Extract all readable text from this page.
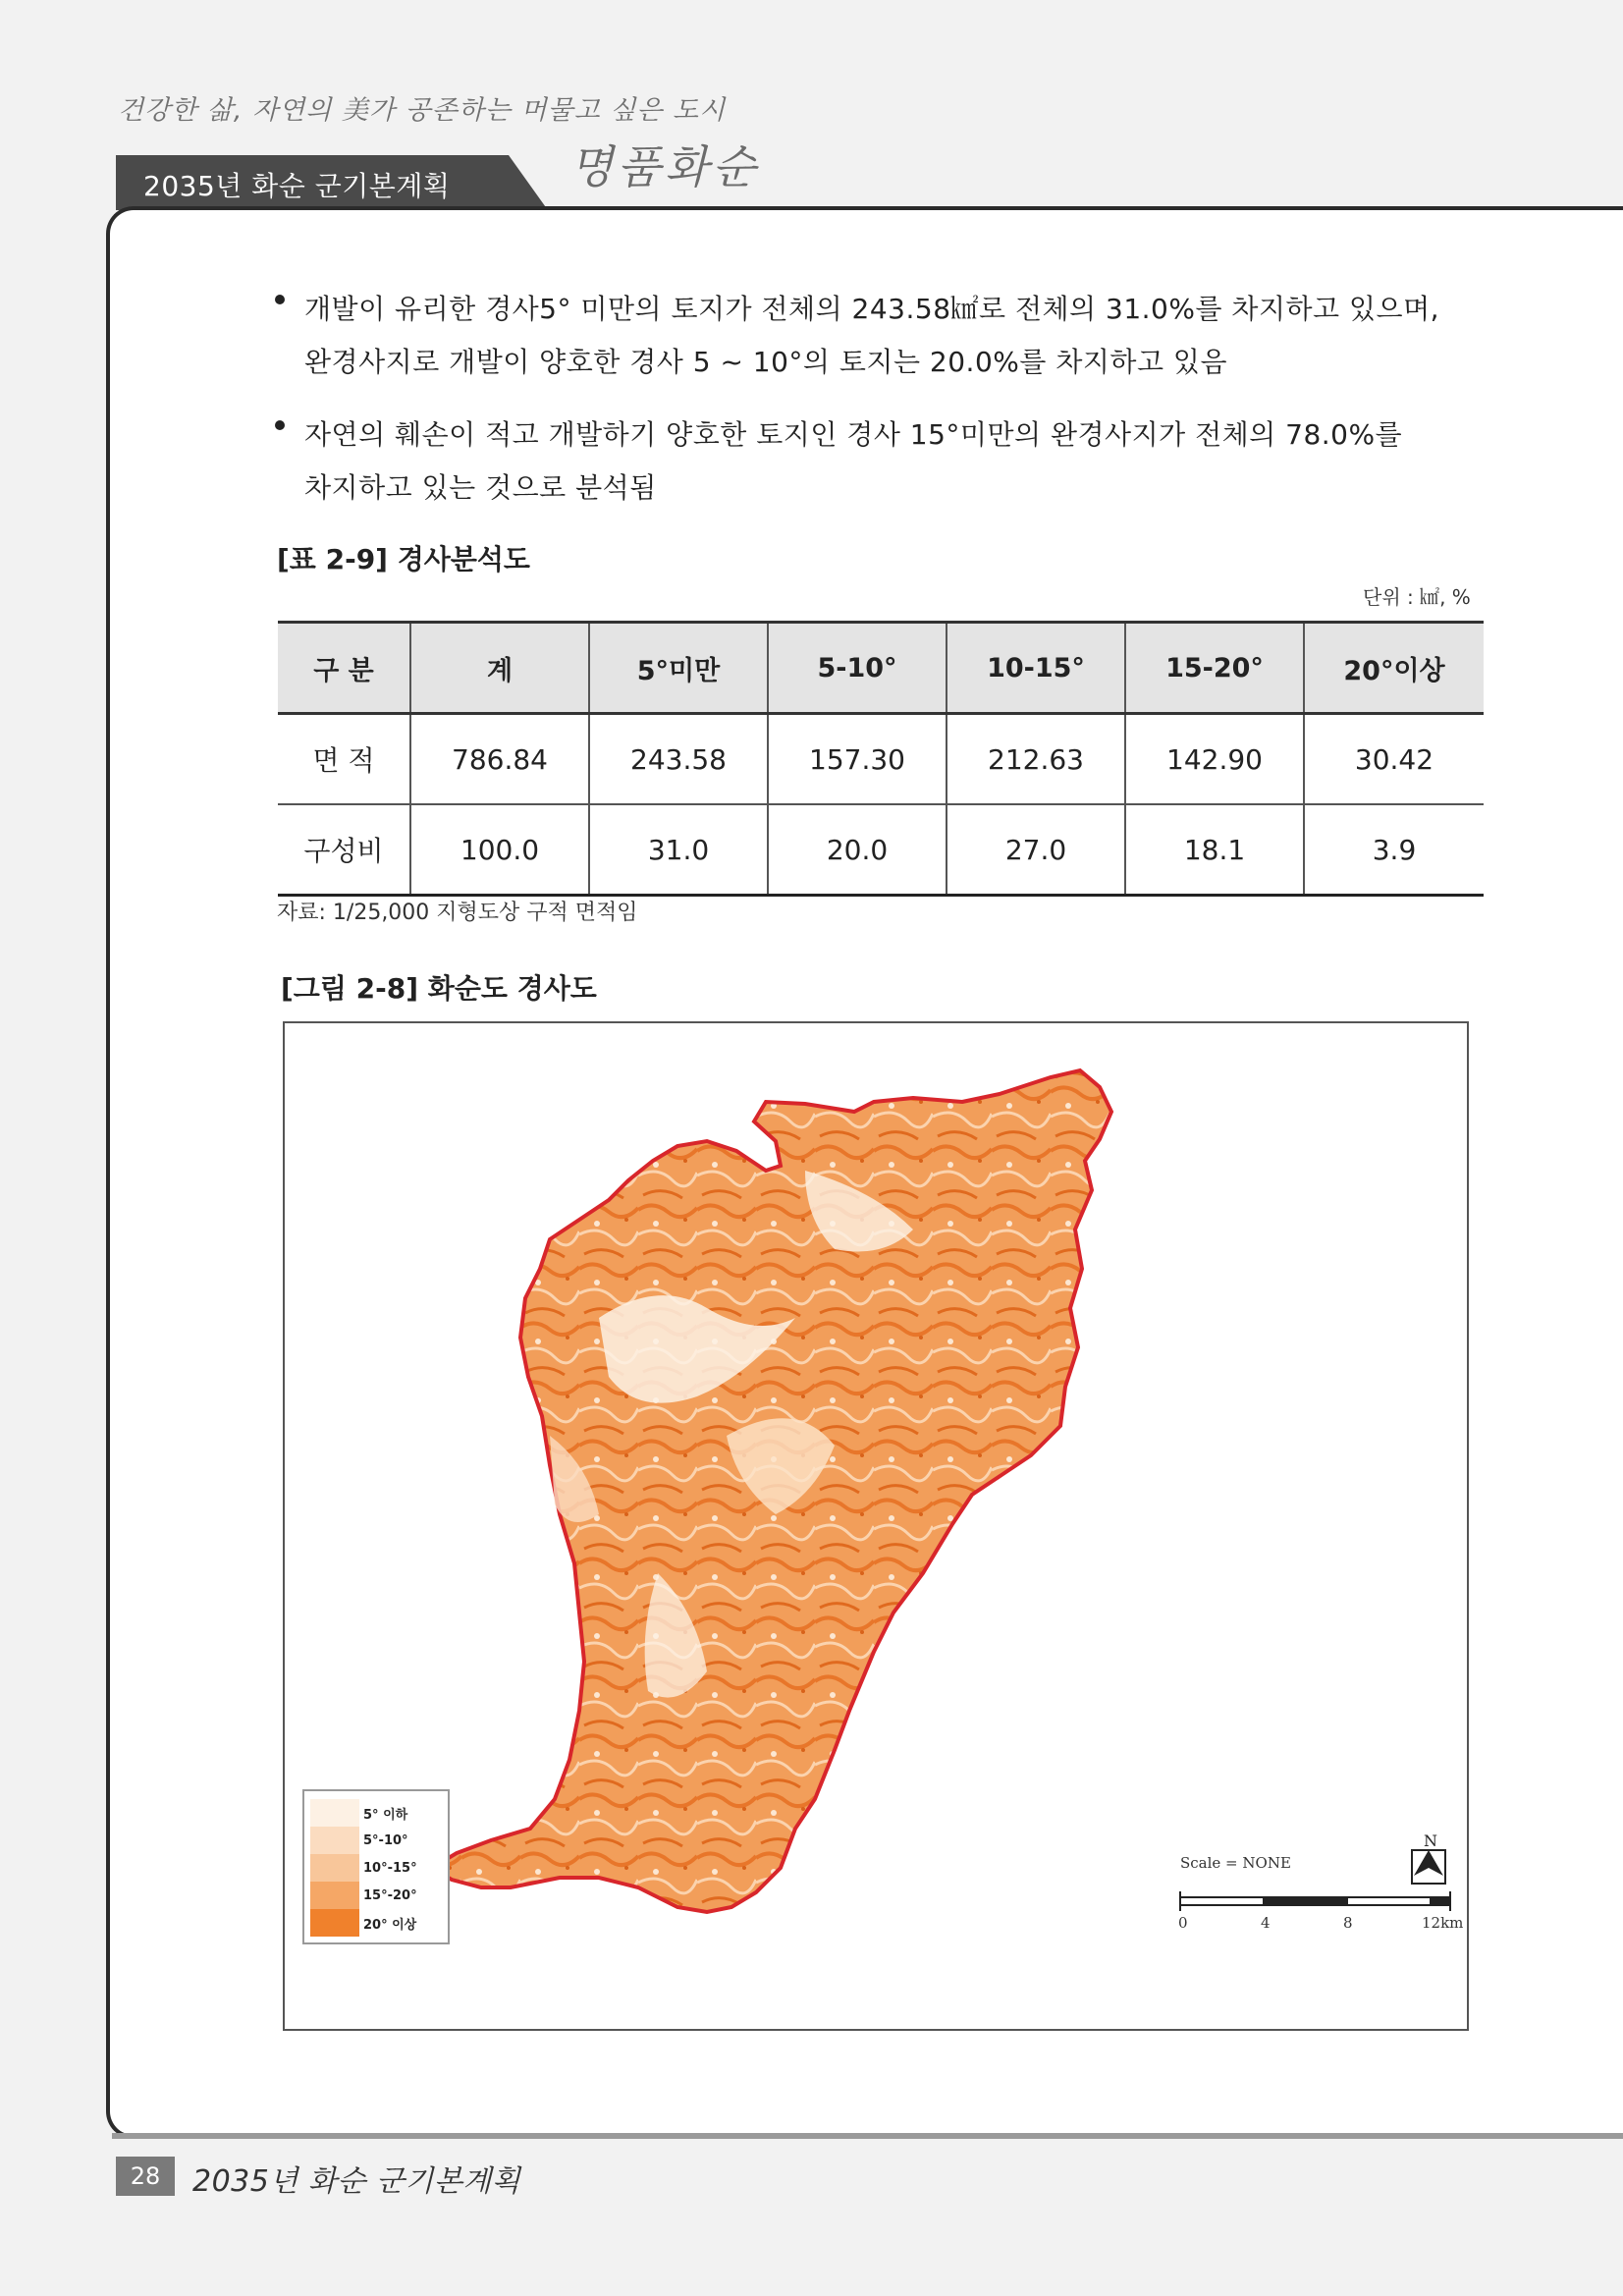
건강한 삶, 자연의 美가 공존하는 머물고 싶은 도시
2035년 화순 군기본계획	명품화순
개발이 유리한 경사5° 미만의 토지가 전체의 243.58㎢로 전체의 31.0%를 차지하고 있으며,
완경사지로 개발이 양호한 경사 5 ~ 10°의 토지는 20.0%를 차지하고 있음
자연의 훼손이 적고 개발하기 양호한 토지인 경사 15°미만의 완경사지가 전체의 78.0%를
차지하고 있는 것으로 분석됨
[표 2-9] 경사분석도
단위 : ㎢, %
구 분	계	5°미만	5-10°	10-15°	15-20°	20°이상
면 적	786.84	243.58	157.30	212.63	142.90	30.42
구성비	100.0	31.0	20.0	27.0	18.1	3.9
자료: 1/25,000 지형도상 구적 면적임
[그림 2-8] 화순도 경사도
5° 이하
5°-10°
10°-15°
15°-20°
20° 이상
Scale = NONE
N
0	4	8	12km
28	2035년 화순 군기본계획
